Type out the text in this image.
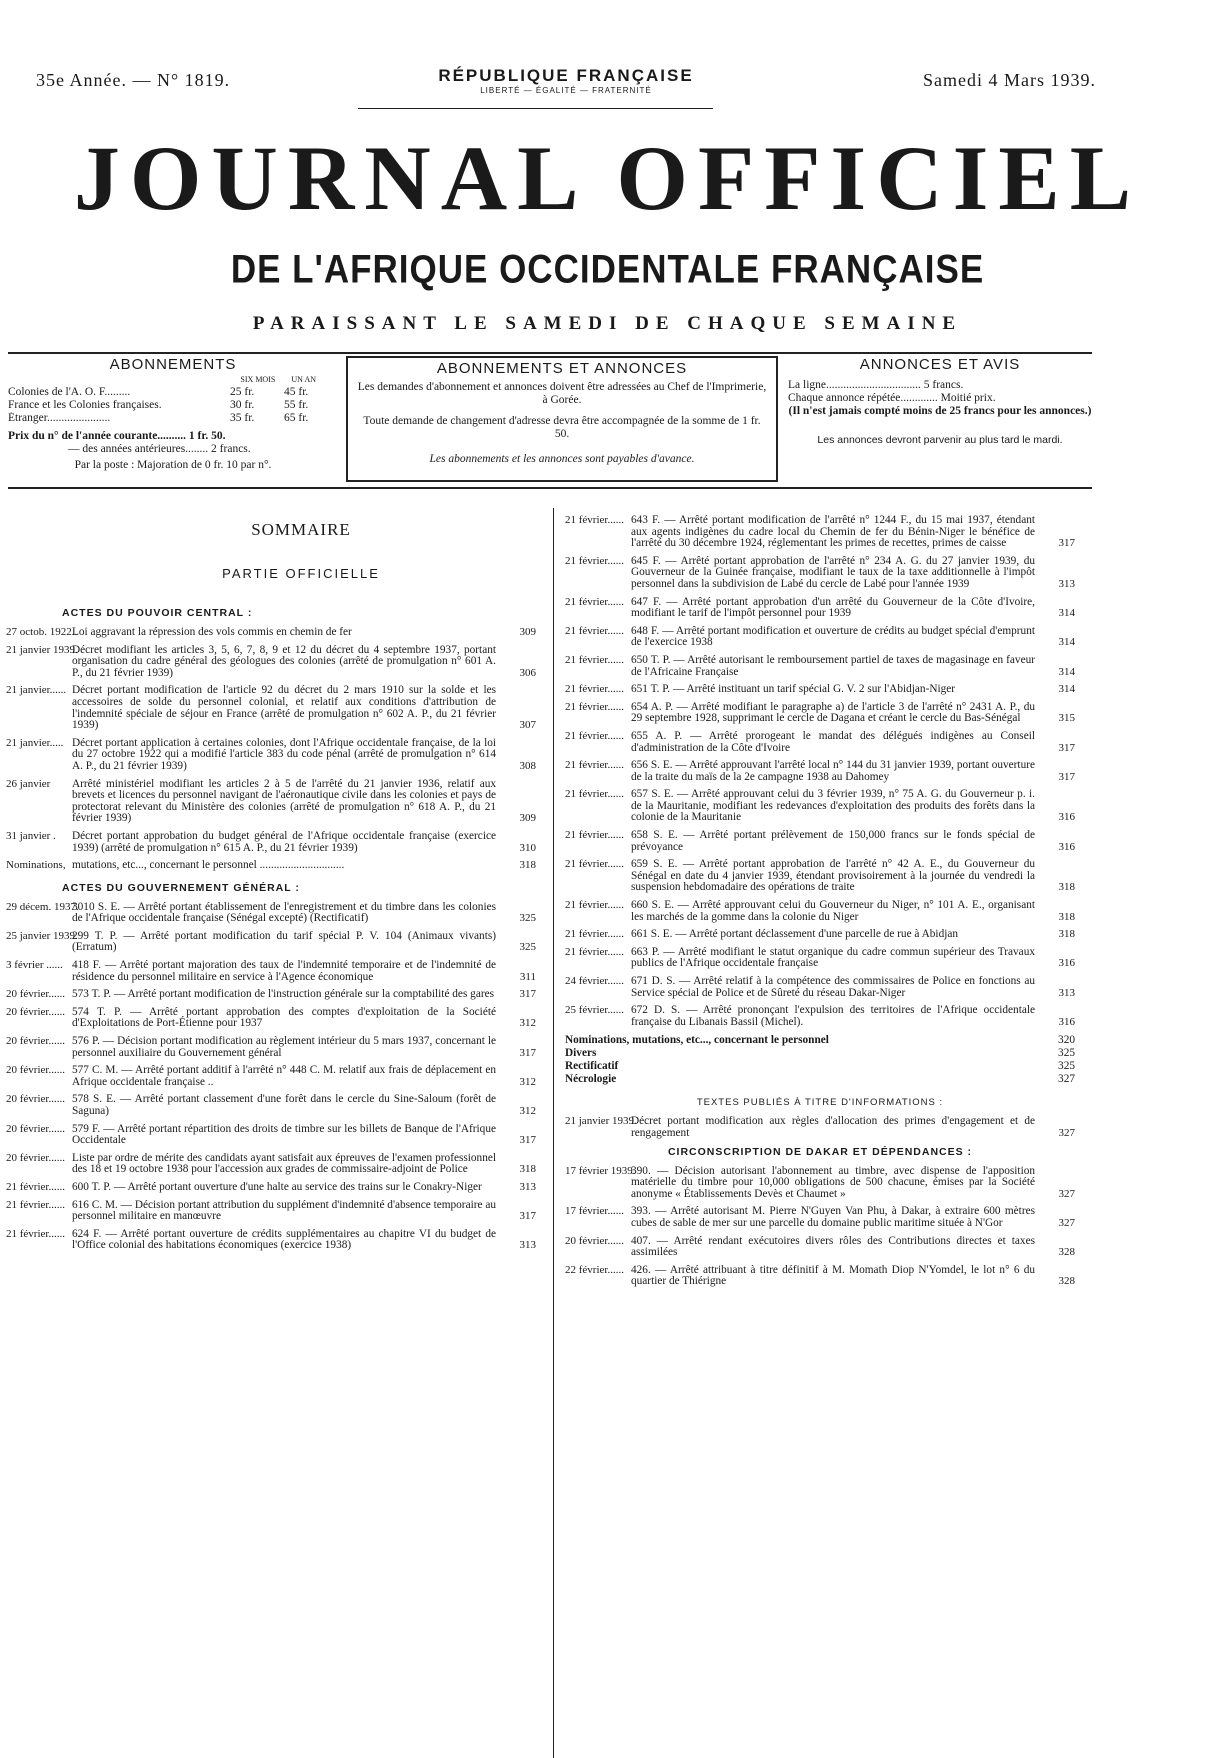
35e Année. — N° 1819.	RÉPUBLIQUE FRANÇAISE
LIBERTÉ — ÉGALITÉ — FRATERNITÉ
Samedi 4 Mars 1939.
JOURNAL OFFICIEL
DE L'AFRIQUE OCCIDENTALE FRANÇAISE
PARAISSANT LE SAMEDI DE CHAQUE SEMAINE
ABONNEMENTS
SIX MOIS UN AN
Colonies de l'A. O. F.........	25 fr.	45 fr.
France et les Colonies françaises.	30 fr.	55 fr.
Étranger......................	35 fr.	65 fr.
Prix du n° de l'année courante.......... 1 fr. 50.
— des années antérieures........ 2 francs.
Par la poste : Majoration de 0 fr. 10 par n°.
ABONNEMENTS ET ANNONCES
Les demandes d'abonnement et annonces doivent être adressées au Chef de l'Imprimerie, à Gorée.
Toute demande de changement d'adresse devra être accompagnée de la somme de 1 fr. 50.
Les abonnements et les annonces sont payables d'avance.
ANNONCES ET AVIS
La ligne................................. 5 francs.
Chaque annonce répétée............. Moitié prix.
(Il n'est jamais compté moins de 25 francs pour les annonces.)
Les annonces devront parvenir au plus tard le mardi.
SOMMAIRE
PARTIE OFFICIELLE
ACTES DU POUVOIR CENTRAL :
27 octob. 1922..
Loi aggravant la répression des vols commis en chemin de fer	309
21 janvier 1939.
Décret modifiant les articles 3, 5, 6, 7, 8, 9 et 12 du décret du 4 septembre 1937, portant organisation du cadre général des géologues des colonies (arrêté de promulgation n° 601 A. P., du 21 février 1939)	306
21 janvier...... Décret portant modification de l'article 92 du décret du 2 mars 1910 sur la solde et les accessoires de solde du personnel colonial, et relatif aux conditions d'attribution de l'indemnité spéciale de séjour en France (arrêté de promulgation n° 602 A. P., du 21 février 1939)	307
21 janvier..... Décret portant application à certaines colonies, dont l'Afrique occidentale française, de la loi du 27 octobre 1922 qui a modifié l'article 383 du code pénal (arrêté de promulgation n° 614 A. P., du 21 février 1939)	308
26 janvier	Arrêté ministériel modifiant les articles 2 à 5 de l'arrêté du 21 janvier 1936, relatif aux brevets et licences du personnel navigant de l'aéronautique civile dans les colonies et pays de protectorat relevant du Ministère des colonies (arrêté de promulgation n° 618 A. P., du 21 février 1939)	309
31 janvier .	Décret portant approbation du budget général de l'Afrique occidentale française (exercice 1939) (arrêté de promulgation n° 615 A. P., du 21 février 1939)	310
Nominations, mutations, etc..., concernant le personnel ..............................	318
ACTES DU GOUVERNEMENT GÉNÉRAL :
29 décem. 1937.
3010 S. E. — Arrêté portant établissement de l'enregistrement et du timbre dans les colonies de l'Afrique occidentale française (Sénégal excepté) (Rectificatif)	325
25 janvier 1939.
299 T. P. — Arrêté portant modification du tarif spécial P. V. 104 (Animaux vivants) (Erratum)	325
3 février ...... 418 F. — Arrêté portant majoration des taux de l'indemnité temporaire et de l'indemnité de résidence du personnel militaire en service à l'Agence économique	311
20 février...... 573 T. P. — Arrêté portant modification de l'instruction générale sur la comptabilité des gares	317
20 février...... 574 T. P. — Arrêté portant approbation des comptes d'exploitation de la Société d'Exploitations de Port-Étienne pour 1937	312
20 février...... 576 P. — Décision portant modification au règlement intérieur du 5 mars 1937, concernant le personnel auxiliaire du Gouvernement général	317
20 février...... 577 C. M. — Arrêté portant additif à l'arrêté n° 448 C. M. relatif aux frais de déplacement en Afrique occidentale française ..	312
20 février...... 578 S. E. — Arrêté portant classement d'une forêt dans le cercle du Sine-Saloum (forêt de Saguna)	312
20 février...... 579 F. — Arrêté portant répartition des droits de timbre sur les billets de Banque de l'Afrique Occidentale	317
20 février...... Liste par ordre de mérite des candidats ayant satisfait aux épreuves de l'examen professionnel des 18 et 19 octobre 1938 pour l'accession aux grades de commissaire-adjoint de Police	318
21 février...... 600 T. P. — Arrêté portant ouverture d'une halte au service des trains sur le Conakry-Niger	313
21 février...... 616 C. M. — Décision portant attribution du supplément d'indemnité d'absence temporaire au personnel militaire en manœuvre	317
21 février...... 624 F. — Arrêté portant ouverture de crédits supplémentaires au chapitre VI du budget de l'Office colonial des habitations économiques (exercice 1938)	313
21 février...... 643 F. — Arrêté portant modification de l'arrêté n° 1244 F., du 15 mai 1937, étendant aux agents indigènes du cadre local du Chemin de fer du Bénin-Niger le bénéfice de l'arrêté du 30 décembre 1924, réglementant les primes de recettes, primes de caisse	317
21 février...... 645 F. — Arrêté portant approbation de l'arrêté n° 234 A. G. du 27 janvier 1939, du Gouverneur de la Guinée française, modifiant le taux de la taxe additionnelle à l'impôt personnel dans la subdivision de Labé du cercle de Labé pour l'année 1939	313
21 février...... 647 F. — Arrêté portant approbation d'un arrêté du Gouverneur de la Côte d'Ivoire, modifiant le tarif de l'impôt personnel pour 1939	314
21 février...... 648 F. — Arrêté portant modification et ouverture de crédits au budget spécial d'emprunt de l'exercice 1938	314
21 février...... 650 T. P. — Arrêté autorisant le remboursement partiel de taxes de magasinage en faveur de l'Africaine Française	314
21 février...... 651 T. P. — Arrêté instituant un tarif spécial G. V. 2 sur l'Abidjan-Niger	314
21 février...... 654 A. P. — Arrêté modifiant le paragraphe a) de l'article 3 de l'arrêté n° 2431 A. P., du 29 septembre 1928, supprimant le cercle de Dagana et créant le cercle du Bas-Sénégal	315
21 février...... 655 A. P. — Arrêté prorogeant le mandat des délégués indigènes au Conseil d'administration de la Côte d'Ivoire	317
21 février...... 656 S. E. — Arrêté approuvant l'arrêté local n° 144 du 31 janvier 1939, portant ouverture de la traite du maïs de la 2e campagne 1938 au Dahomey	317
21 février...... 657 S. E. — Arrêté approuvant celui du 3 février 1939, n° 75 A. G. du Gouverneur p. i. de la Mauritanie, modifiant les redevances d'exploitation des produits des forêts dans la colonie de la Mauritanie	316
21 février...... 658 S. E. — Arrêté portant prélèvement de 150,000 francs sur le fonds spécial de prévoyance	316
21 février...... 659 S. E. — Arrêté portant approbation de l'arrêté n° 42 A. E., du Gouverneur du Sénégal en date du 4 janvier 1939, étendant provisoirement à la journée du vendredi la suspension hebdomadaire des opérations de traite	318
21 février...... 660 S. E. — Arrêté approuvant celui du Gouverneur du Niger, n° 101 A. E., organisant les marchés de la gomme dans la colonie du Niger	318
21 février...... 661 S. E. — Arrêté portant déclassement d'une parcelle de rue à Abidjan	318
21 février...... 663 P. — Arrêté modifiant le statut organique du cadre commun supérieur des Travaux publics de l'Afrique occidentale française	316
24 février...... 671 D. S. — Arrêté relatif à la compétence des commissaires de Police en fonctions au Service spécial de Police et de Sûreté du réseau Dakar-Niger	313
25 février...... 672 D. S. — Arrêté prononçant l'expulsion des territoires de l'Afrique occidentale française du Libanais Bassil (Michel).	316
Nominations, mutations, etc..., concernant le personnel	320
Divers	325
Rectificatif	325
Nécrologie	327
TEXTES PUBLIÉS À TITRE D'INFORMATIONS :
21 janvier 1939.
Décret portant modification aux règles d'allocation des primes d'engagement et de rengagement	327
CIRCONSCRIPTION DE DAKAR ET DÉPENDANCES :
17 février 1939.
390. — Décision autorisant l'abonnement au timbre, avec dispense de l'apposition matérielle du timbre pour 10,000 obligations de 500 chacune, émises par la Société anonyme « Établissements Devès et Chaumet »	327
17 février...... 393. — Arrêté autorisant M. Pierre N'Guyen Van Phu, à Dakar, à extraire 600 mètres cubes de sable de mer sur une parcelle du domaine public maritime située à N'Gor	327
20 février...... 407. — Arrêté rendant exécutoires divers rôles des Contributions directes et taxes assimilées	328
22 février...... 426. — Arrêté attribuant à titre définitif à M. Momath Diop N'Yomdel, le lot n° 6 du quartier de Thiérigne	328
